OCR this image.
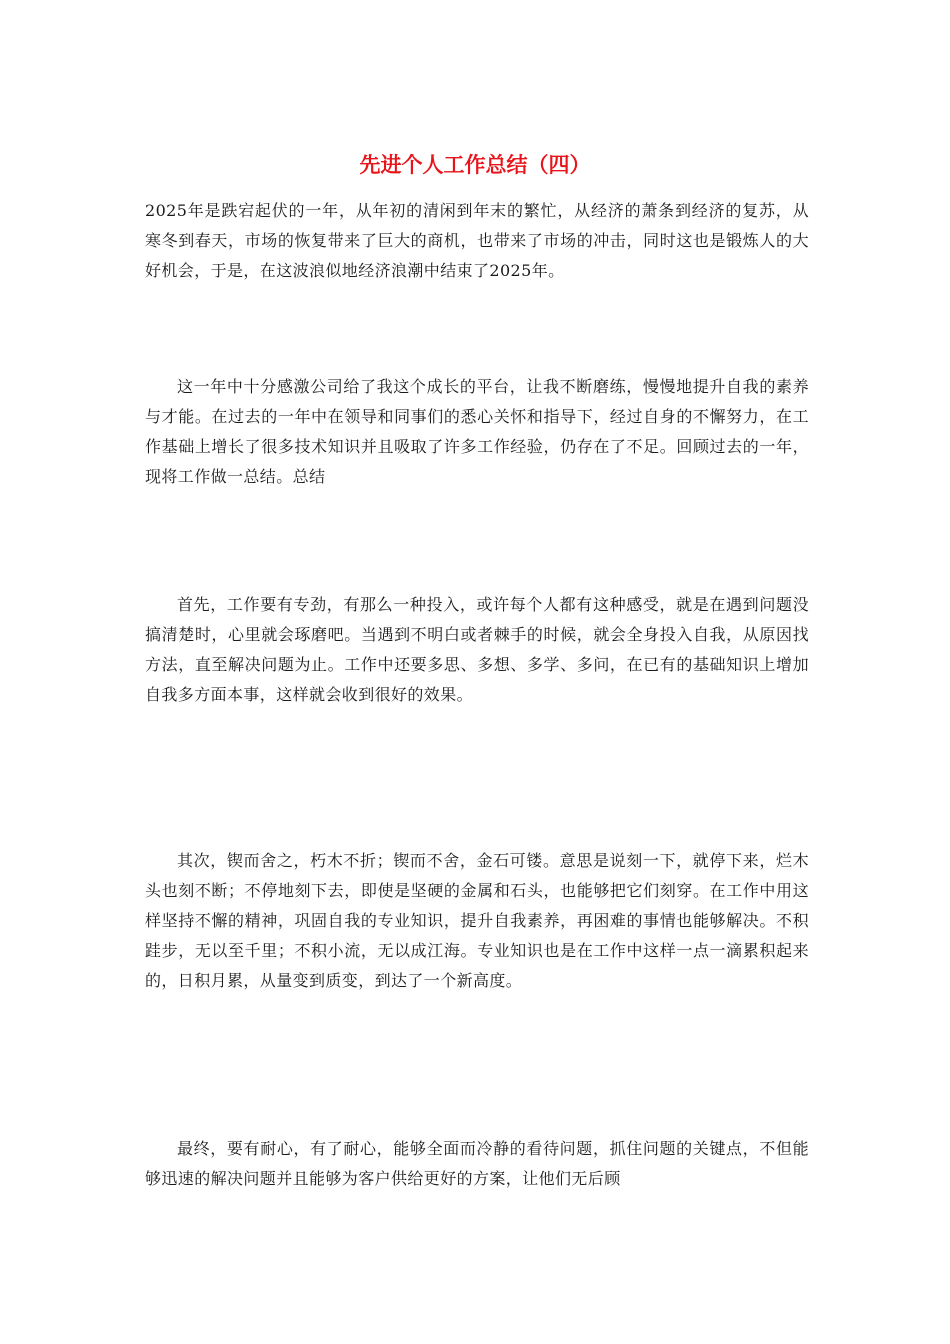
先进个人工作总结（四）

2025年是跌宕起伏的一年，从年初的清闲到年末的繁忙，从经济的萧条到经济的复苏，从寒冬到春天，市场的恢复带来了巨大的商机，也带来了市场的冲击，同时这也是锻炼人的大好机会，于是，在这波浪似地经济浪潮中结束了2025年。

这一年中十分感激公司给了我这个成长的平台，让我不断磨练，慢慢地提升自我的素养与才能。在过去的一年中在领导和同事们的悉心关怀和指导下，经过自身的不懈努力，在工作基础上增长了很多技术知识并且吸取了许多工作经验，仍存在了不足。回顾过去的一年，现将工作做一总结。总结

首先，工作要有专劲，有那么一种投入，或许每个人都有这种感受，就是在遇到问题没搞清楚时，心里就会琢磨吧。当遇到不明白或者棘手的时候，就会全身投入自我，从原因找方法，直至解决问题为止。工作中还要多思、多想、多学、多问，在已有的基础知识上增加自我多方面本事，这样就会收到很好的效果。

其次，锲而舍之，朽木不折；锲而不舍，金石可镂。意思是说刻一下，就停下来，烂木头也刻不断；不停地刻下去，即使是坚硬的金属和石头，也能够把它们刻穿。在工作中用这样坚持不懈的精神，巩固自我的专业知识，提升自我素养，再困难的事情也能够解决。不积跬步，无以至千里；不积小流，无以成江海。专业知识也是在工作中这样一点一滴累积起来的，日积月累，从量变到质变，到达了一个新高度。

最终，要有耐心，有了耐心，能够全面而冷静的看待问题，抓住问题的关键点，不但能够迅速的解决问题并且能够为客户供给更好的方案，让他们无后顾
